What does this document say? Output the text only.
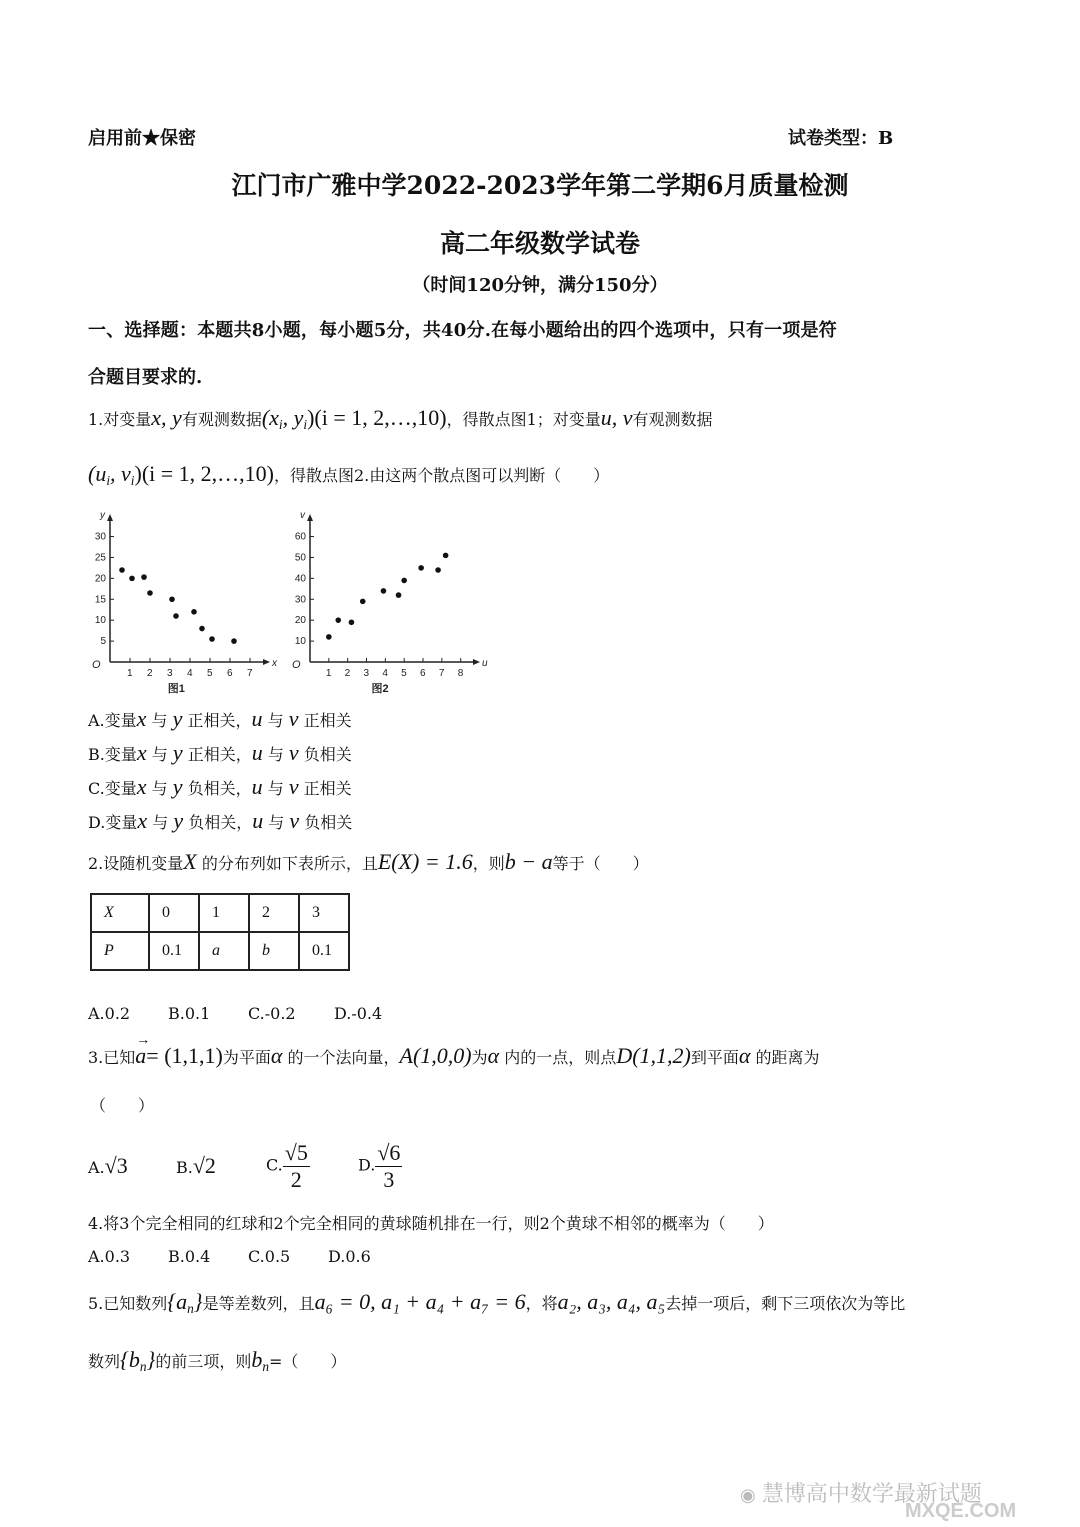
启用前★保密	试卷类型：B
江门市广雅中学2022-2023学年第二学期6月质量检测
高二年级数学试卷
（时间120分钟，满分150分）
一、选择题：本题共8小题，每小题5分，共40分.在每小题给出的四个选项中，只有一项是符
合题目要求的.
1.对变量x, y有观测数据($x_i$, $y_i)(i = 1$, 2,…,10)，得散点图1；对变量u, v有观测数据
($u_i$, $v_i)(i = 1$, 2,…,10)，得散点图2.由这两个散点图可以判断（　　）
x
y
O
1 2 3 4 5 6 7
5
10
15
20
25
30
图1
u
v
O
1 2 3 4 5 6 7 8
10
20
30
40
50
60
图2
A.变量x 与 y 正相关，u 与 v 正相关
B.变量x 与 y 正相关，u 与 v 负相关
C.变量x 与 y 负相关，u 与 v 正相关
D.变量x 与 y 负相关，u 与 v 负相关
2.设随机变量X 的分布列如下表所示，且E(X) = 1.6，则b − a等于（　　）
X	0	1	2	3
P	0.1	a	b	0.1
A.0.2 B.0.1 C.-0.2 D.-0.4
3.已知
→
a= (1,1,1)为平面α 的一个法向量，A(1,0,0)为α 内的一点，则点D(1,1,2)到平面α 的距离为
（　　）
A.√3	B.√2	C. $\frac{√5}{2}$	D. $\frac{√6}{3}$
4.将3个完全相同的红球和2个完全相同的黄球随机排在一行，则2个黄球不相邻的概率为（　　）
A.0.3 B.0.4 C.0.5 D.0.6
5.已知数列$\{a_n\}$是等差数列，且a₆ = 0, a₁ + a₄ + a₇ = 6，将a₂, a₃, a₄, a₅去掉一项后，剩下三项依次为等比
数列$\{b_n\}$的前三项，则$b_n=$（　　）
◉ 慧博高中数学最新试题
MXQE.COM
